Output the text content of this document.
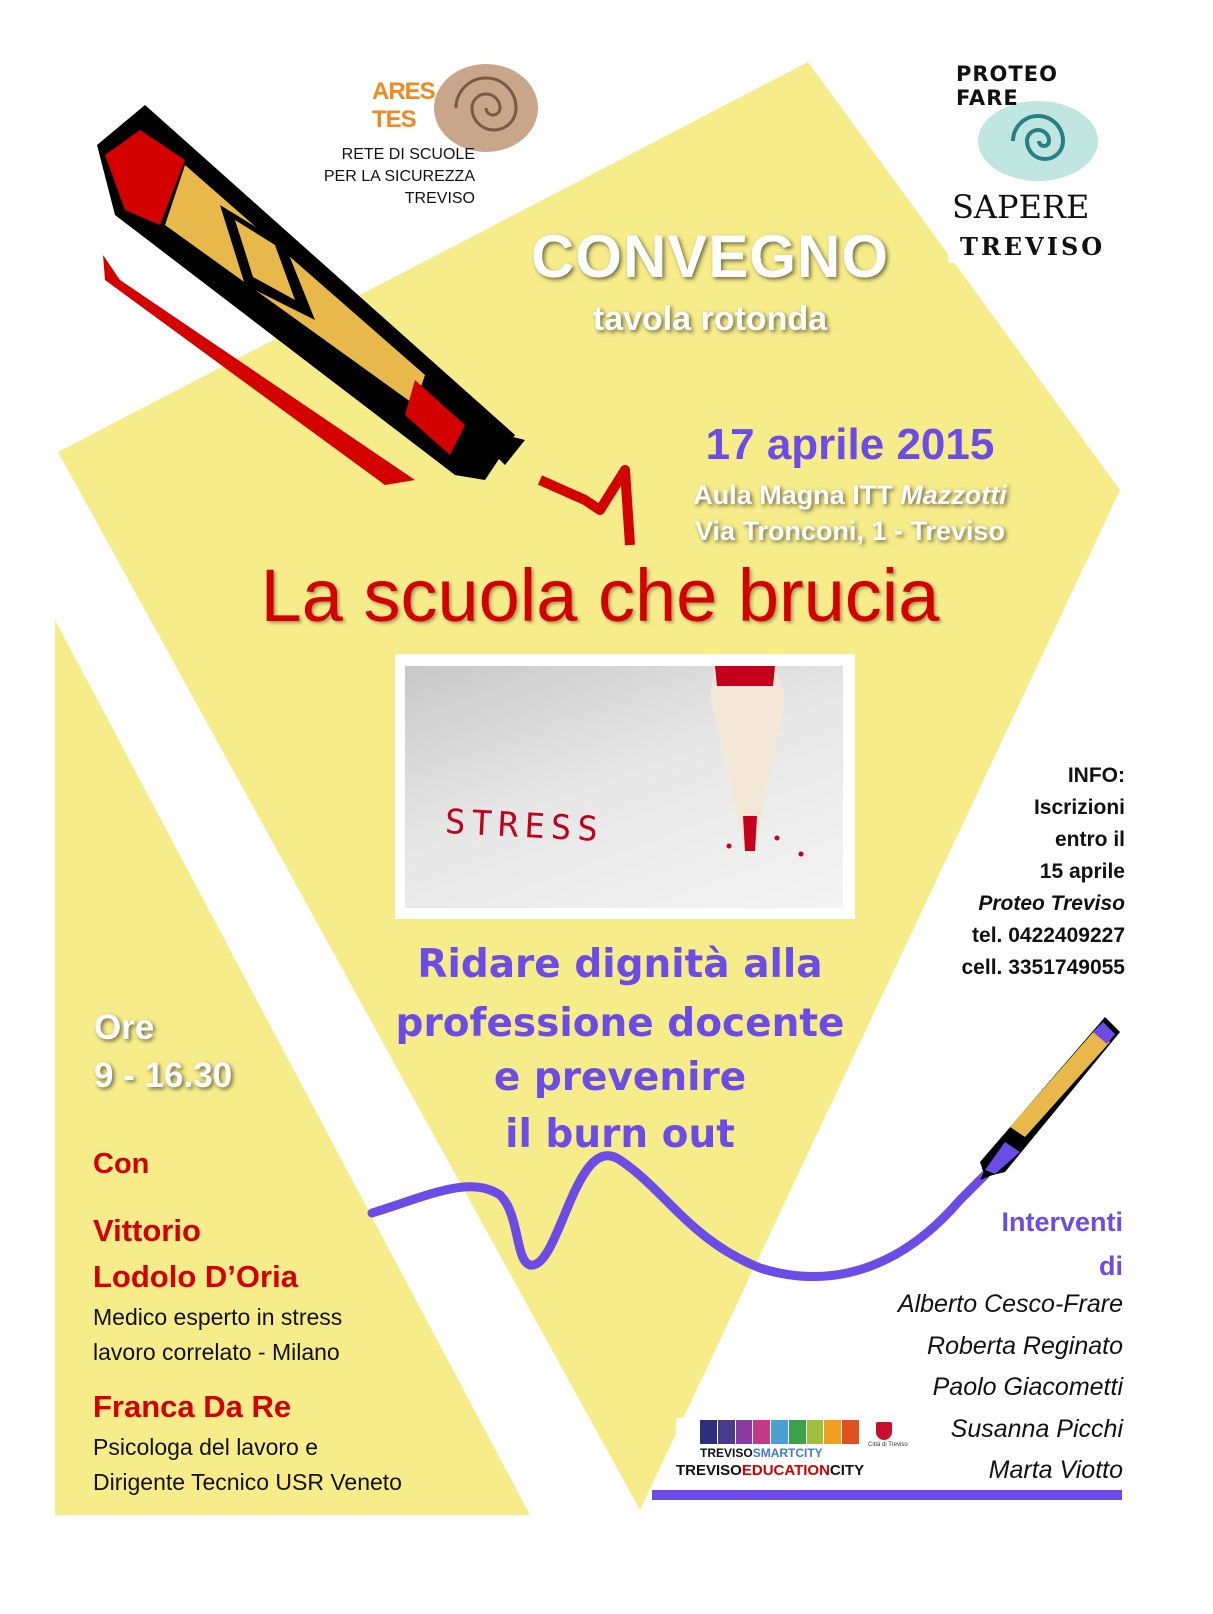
ARES TES
RETE DI SCUOLE
PER LA SICUREZZA
TREVISO
PROTEO FARE
SAPERE
TREVISO
CONVEGNO
tavola rotonda
17 aprile 2015
Aula Magna ITT Mazzotti
Via Tronconi, 1 - Treviso
La scuola che brucia
STRESS
Ridare dignità alla
professione docente
e prevenire
il burn out
INFO:
Iscrizioni
entro il
15 aprile
Proteo Treviso
tel. 0422409227
cell. 3351749055
Ore
9 - 16.30
Con
Vittorio
Lodolo D’Oria
Medico esperto in stress
lavoro correlato - Milano
Franca Da Re
Psicologa del lavoro e
Dirigente Tecnico USR Veneto
Interventi
di
Alberto Cesco-Frare
Roberta Reginato
Paolo Giacometti
Susanna Picchi
Marta Viotto
Città di Treviso
TREVISOSMARTCITY
TREVISOEDUCATIONCITY
